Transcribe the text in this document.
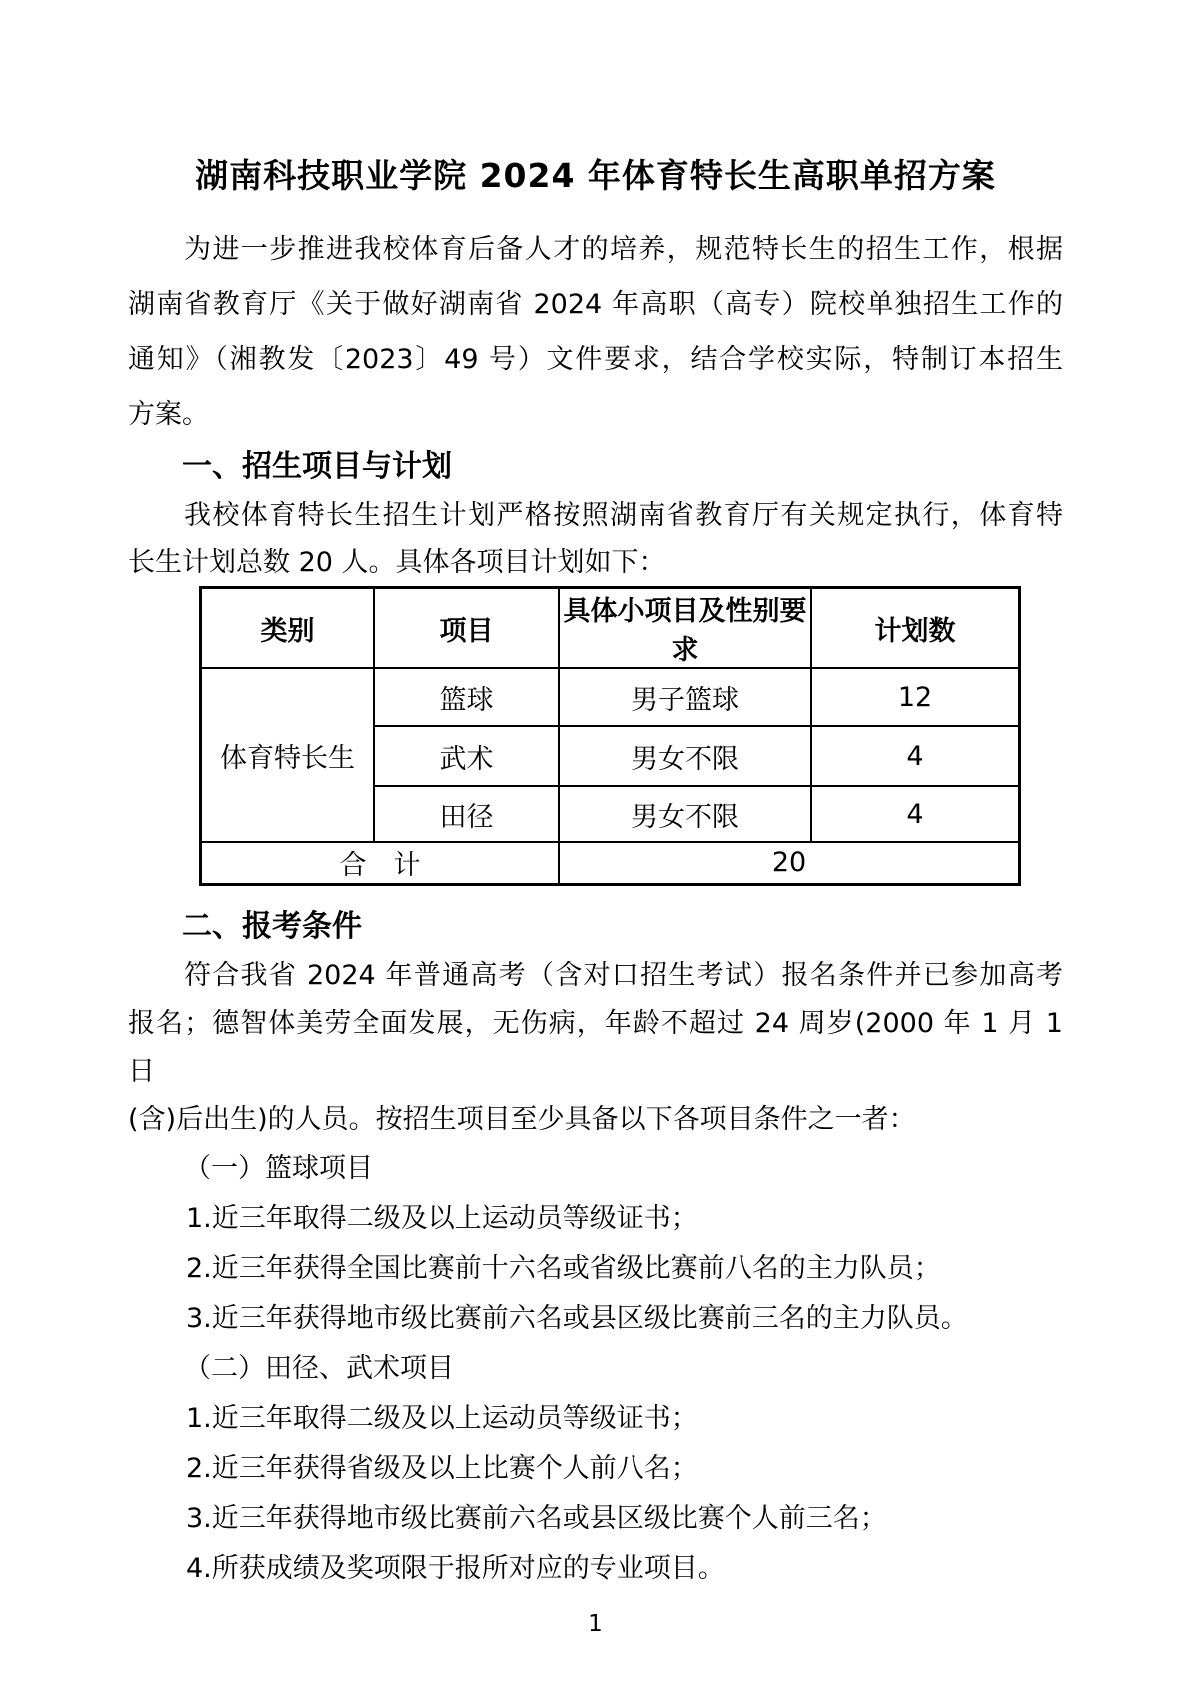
湖南科技职业学院 2024 年体育特长生高职单招方案
为进一步推进我校体育后备人才的培养，规范特长生的招生工作，根据
湖南省教育厅《关于做好湖南省 2024 年高职（高专）院校单独招生工作的
通知》（湘教发〔2023〕49 号）文件要求，结合学校实际，特制订本招生
方案。
一、招生项目与计划
我校体育特长生招生计划严格按照湖南省教育厅有关规定执行，体育特
长生计划总数 20 人。具体各项目计划如下：
类别	项目	具体小项目及性别要求	计划数
体育特长生	篮球	男子篮球	12
	武术	男女不限	4
	田径	男女不限	4
合　计		20	
二、报考条件
符合我省 2024 年普通高考（含对口招生考试）报名条件并已参加高考
报名；德智体美劳全面发展，无伤病，年龄不超过 24 周岁(2000 年 1 月 1 日
(含)后出生)的人员。按招生项目至少具备以下各项目条件之一者：
（一）篮球项目
1.近三年取得二级及以上运动员等级证书；
2.近三年获得全国比赛前十六名或省级比赛前八名的主力队员；
3.近三年获得地市级比赛前六名或县区级比赛前三名的主力队员。
（二）田径、武术项目
1.近三年取得二级及以上运动员等级证书；
2.近三年获得省级及以上比赛个人前八名；
3.近三年获得地市级比赛前六名或县区级比赛个人前三名；
4.所获成绩及奖项限于报所对应的专业项目。
1
